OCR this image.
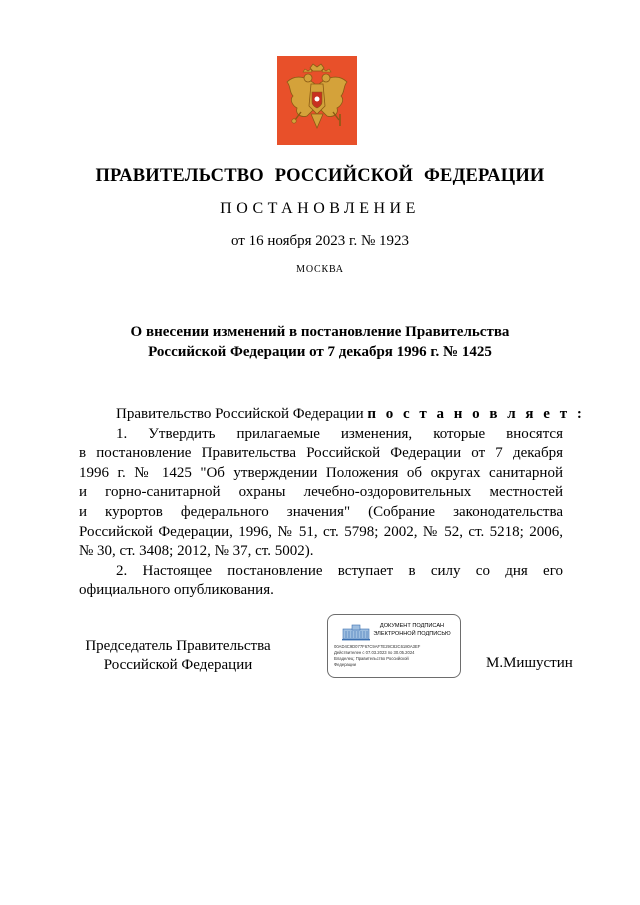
ПРАВИТЕЛЬСТВО РОССИЙСКОЙ ФЕДЕРАЦИИ
ПОСТАНОВЛЕНИЕ
от 16 ноября 2023 г. № 1923
МОСКВА
О внесении изменений в постановление Правительства
Российской Федерации от 7 декабря 1996 г. № 1425
Правительство Российской Федерации п о с т а н о в л я е т :
1. Утвердить прилагаемые изменения, которые вносятся
в постановление Правительства Российской Федерации от 7 декабря
1996 г. № 1425 "Об утверждении Положения об округах санитарной
и горно-санитарной охраны лечебно-оздоровительных местностей
и курортов федерального значения" (Собрание законодательства
Российской Федерации, 1996, № 51, ст. 5798; 2002, № 52, ст. 5218; 2006,
№ 30, ст. 3408; 2012, № 37, ст. 5002).
2. Настоящее постановление вступает в силу со дня его
официального опубликования.
Председатель Правительства
Российской Федерации
ДОКУМЕНТ ПОДПИСАН
ЭЛЕКТРОННОЙ ПОДПИСЬЮ
00AD4C9D077F67C9AF7E29C82C6180A3EF
Действителен с 07.03.2023 по 30.05.2024
Владелец: Правительство Российской
Федерации	М.Мишустин
